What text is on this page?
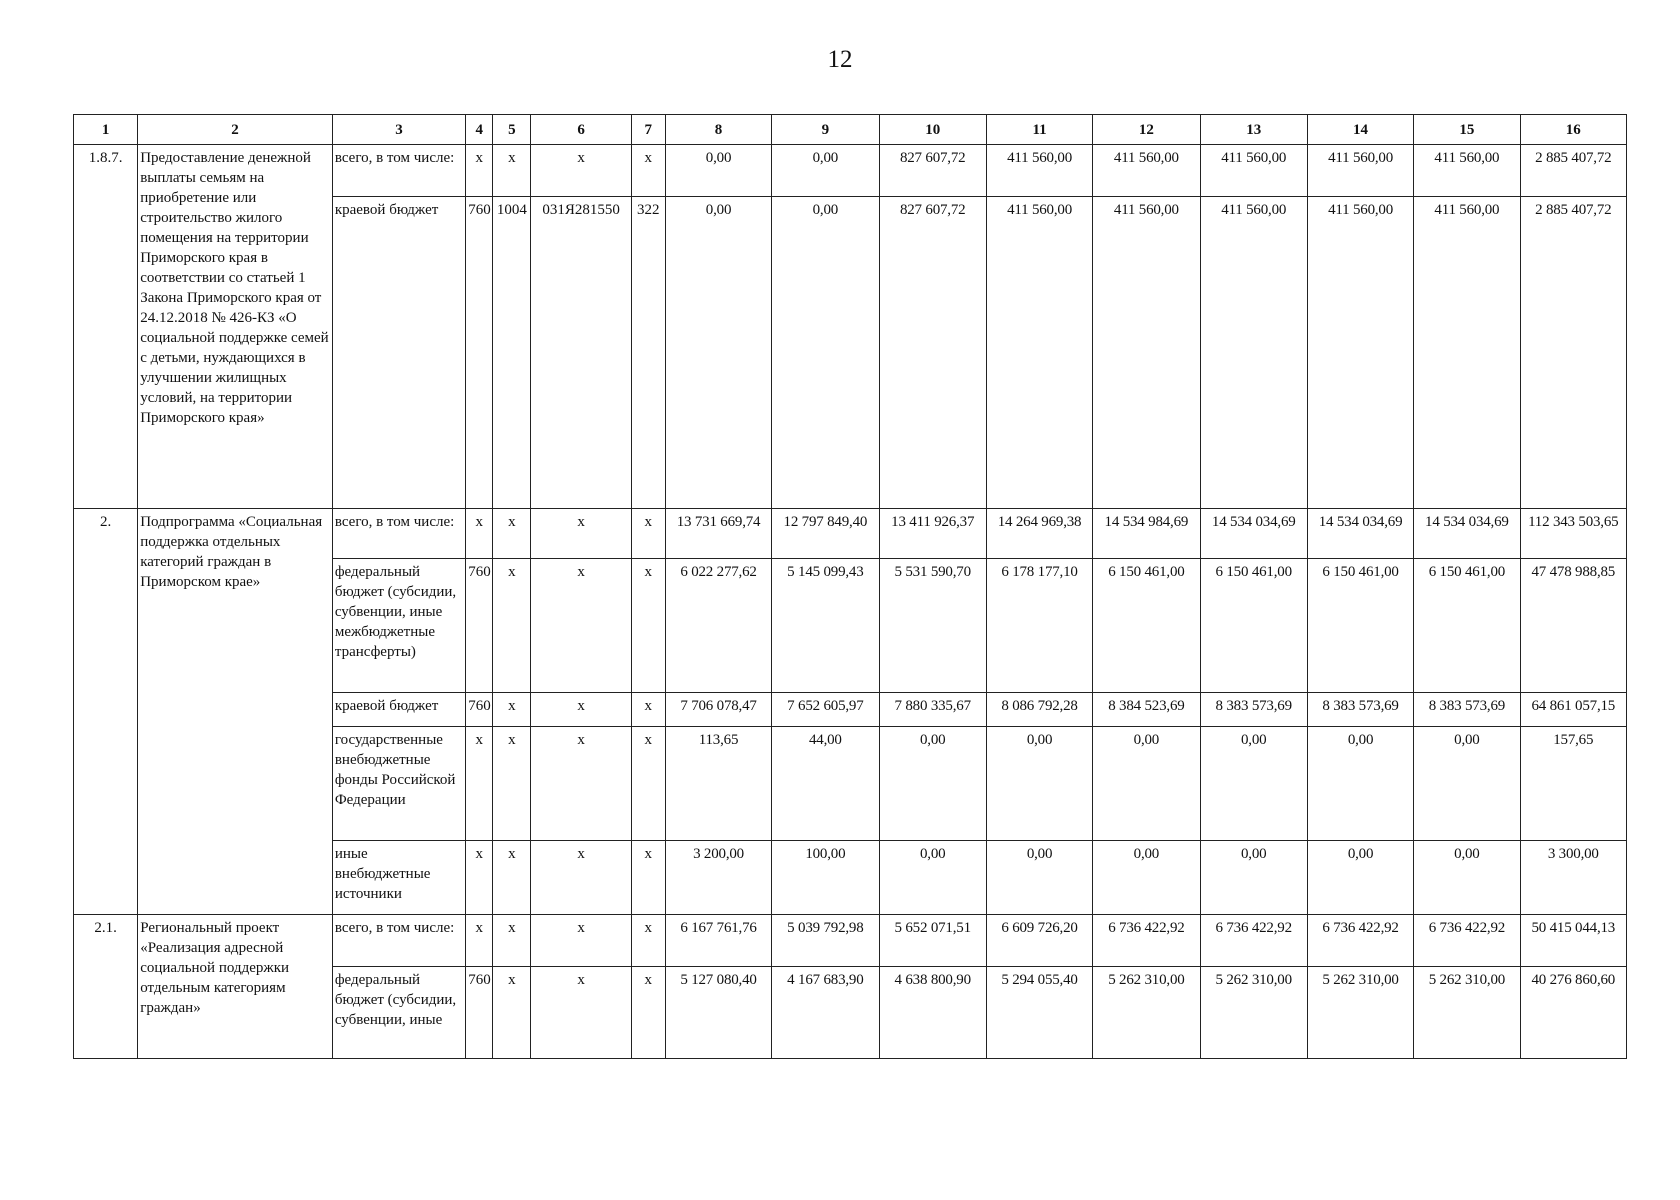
12
1	2	3	4	5	6	7	8	9	10	11	12	13	14	15	16
1.8.7.	Предоставление денежной выплаты семьям на приобретение или строительство жилого помещения на территории Приморского края в соответствии со статьей 1 Закона Приморского края от 24.12.2018 № 426-КЗ «О социальной поддержке семей с детьми, нуждающихся в улучшении жилищных условий, на территории Приморского края»	всего, в том числе:	x	x	x	x	0,00	0,00	827 607,72	411 560,00	411 560,00	411 560,00	411 560,00	411 560,00	2 885 407,72
		краевой бюджет	760	1004	031Я281550	322	0,00	0,00	827 607,72	411 560,00	411 560,00	411 560,00	411 560,00	411 560,00	2 885 407,72
2.	Подпрограмма «Социальная поддержка отдельных категорий граждан в Приморском крае»	всего, в том числе:	x	x	x	x	13 731 669,74	12 797 849,40	13 411 926,37	14 264 969,38	14 534 984,69	14 534 034,69	14 534 034,69	14 534 034,69	112 343 503,65
		федеральный бюджет (субсидии, субвенции, иные межбюджетные трансферты)	760	x	x	x	6 022 277,62	5 145 099,43	5 531 590,70	6 178 177,10	6 150 461,00	6 150 461,00	6 150 461,00	6 150 461,00	47 478 988,85
		краевой бюджет	760	x	x	x	7 706 078,47	7 652 605,97	7 880 335,67	8 086 792,28	8 384 523,69	8 383 573,69	8 383 573,69	8 383 573,69	64 861 057,15
		государственные внебюджетные фонды Российской Федерации	x	x	x	x	113,65	44,00	0,00	0,00	0,00	0,00	0,00	0,00	157,65
		иные внебюджетные источники	x	x	x	x	3 200,00	100,00	0,00	0,00	0,00	0,00	0,00	0,00	3 300,00
2.1.	Региональный проект «Реализация адресной социальной поддержки отдельным категориям граждан»	всего, в том числе:	x	x	x	x	6 167 761,76	5 039 792,98	5 652 071,51	6 609 726,20	6 736 422,92	6 736 422,92	6 736 422,92	6 736 422,92	50 415 044,13
		федеральный бюджет (субсидии, субвенции, иные	760	x	x	x	5 127 080,40	4 167 683,90	4 638 800,90	5 294 055,40	5 262 310,00	5 262 310,00	5 262 310,00	5 262 310,00	40 276 860,60
